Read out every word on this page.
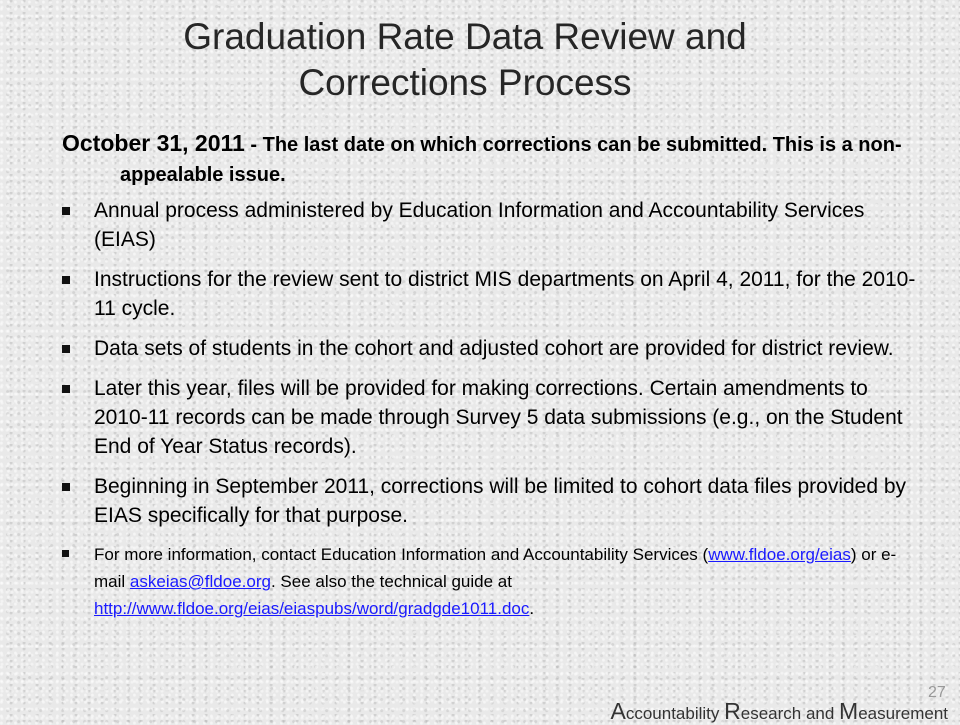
Graduation Rate Data Review and
Corrections Process
October 31, 2011 - The last date on which corrections can be submitted. This is a non-appealable issue.
Annual process administered by Education Information and Accountability Services (EIAS)
Instructions for the review sent to district MIS departments on April 4, 2011, for the 2010-11 cycle.
Data sets of students in the cohort and adjusted cohort are provided for district review.
Later this year, files will be provided for making corrections. Certain amendments to 2010-11 records can be made through Survey 5 data submissions (e.g., on the Student End of Year Status records).
Beginning in September 2011, corrections will be limited to cohort data files provided by EIAS specifically for that purpose.
For more information, contact Education Information and Accountability Services (www.fldoe.org/eias) or e-mail askeias@fldoe.org. See also the technical guide at http://www.fldoe.org/eias/eiaspubs/word/gradgde1011.doc.
27
Accountability Research and Measurement
